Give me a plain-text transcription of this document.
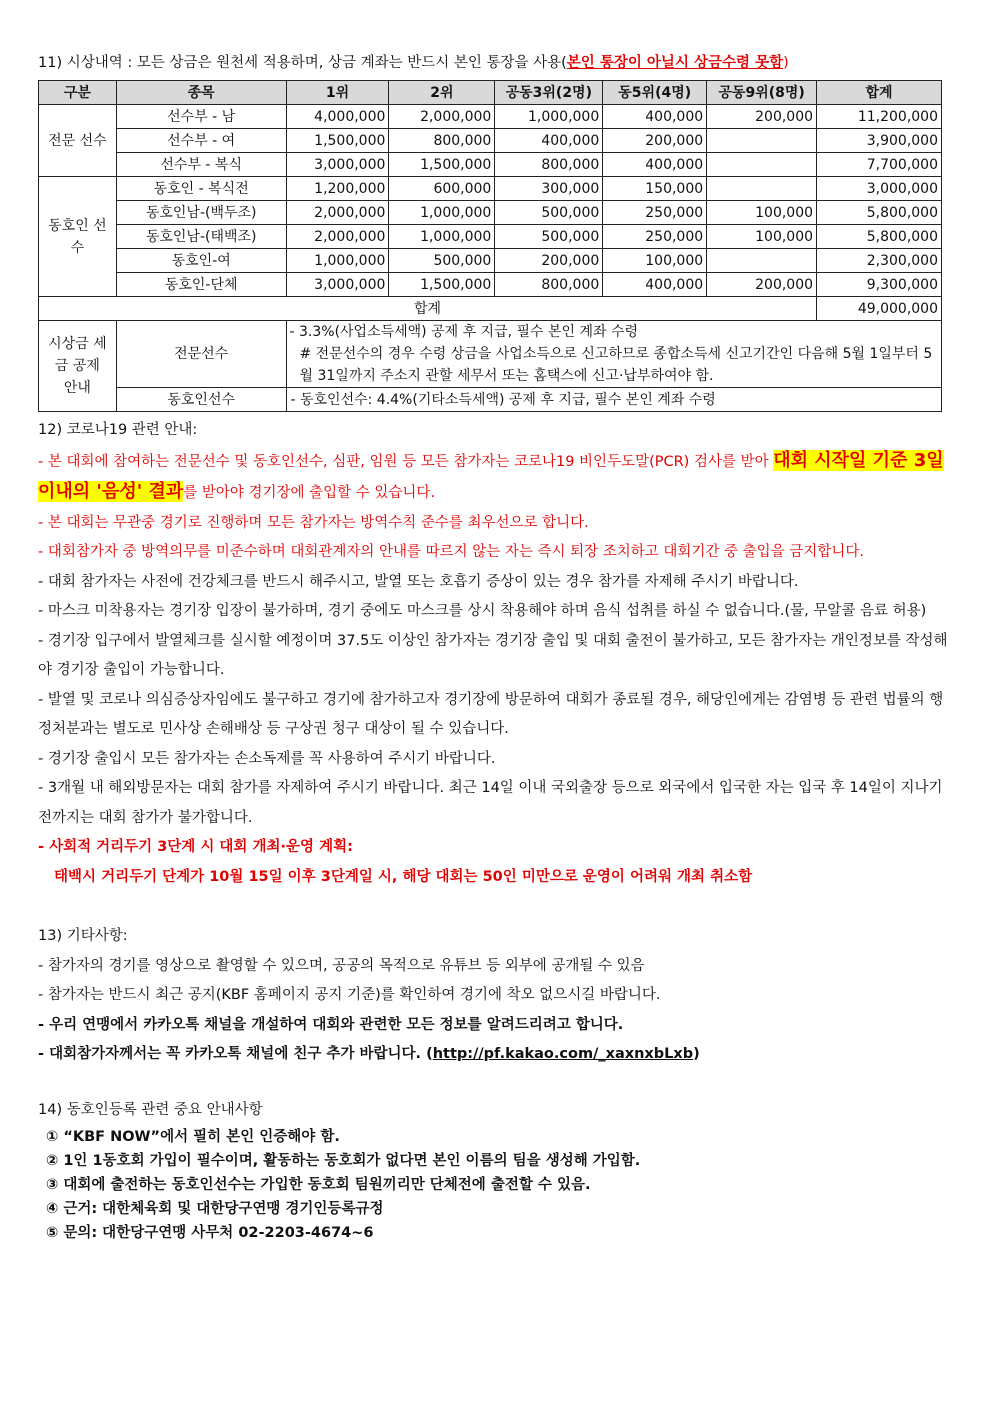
11) 시상내역 : 모든 상금은 원천세 적용하며, 상금 계좌는 반드시 본인 통장을 사용(본인 통장이 아닐시 상금수령 못함)
구분	종목	1위	2위	공동3위(2명)	동5위(4명)	공동9위(8명)	합계
전문 선수	선수부 - 남	4,000,000	2,000,000	1,000,000	400,000	200,000	11,200,000
	선수부 - 여	1,500,000	800,000	400,000	200,000		3,900,000
	선수부 - 복식	3,000,000	1,500,000	800,000	400,000		7,700,000
동호인 선수	동호인 - 복식전	1,200,000	600,000	300,000	150,000		3,000,000
	동호인남-(백두조)	2,000,000	1,000,000	500,000	250,000	100,000	5,800,000
	동호인남-(태백조)	2,000,000	1,000,000	500,000	250,000	100,000	5,800,000
	동호인-여	1,000,000	500,000	200,000	100,000		2,300,000
	동호인-단체	3,000,000	1,500,000	800,000	400,000	200,000	9,300,000
합계							49,000,000
시상금 세금 공제 안내	전문선수	- 3.3%(사업소득세액) 공제 후 지급, 필수 본인 계좌 수령
# 전문선수의 경우 수령 상금을 사업소득으로 신고하므로 종합소득세 신고기간인 다음해 5월 1일부터 5월 31일까지 주소지 관할 세무서 또는 홈택스에 신고·납부하여야 함.					

	동호인선수	- 동호인선수: 4.4%(기타소득세액) 공제 후 지급, 필수 본인 계좌 수령					
12) 코로나19 관련 안내:
- 본 대회에 참여하는 전문선수 및 동호인선수, 심판, 임원 등 모든 참가자는 코로나19 비인두도말(PCR) 검사를 받아 대회 시작일 기준 3일 이내의 '음성' 결과를 받아야 경기장에 출입할 수 있습니다.
- 본 대회는 무관중 경기로 진행하며 모든 참가자는 방역수칙 준수를 최우선으로 합니다.
- 대회참가자 중 방역의무를 미준수하며 대회관계자의 안내를 따르지 않는 자는 즉시 퇴장 조치하고 대회기간 중 출입을 금지합니다.
- 대회 참가자는 사전에 건강체크를 반드시 해주시고, 발열 또는 호흡기 증상이 있는 경우 참가를 자제해 주시기 바랍니다.
- 마스크 미착용자는 경기장 입장이 불가하며, 경기 중에도 마스크를 상시 착용해야 하며 음식 섭취를 하실 수 없습니다.(물, 무알콜 음료 허용)
- 경기장 입구에서 발열체크를 실시할 예정이며 37.5도 이상인 참가자는 경기장 출입 및 대회 출전이 불가하고, 모든 참가자는 개인정보를 작성해야 경기장 출입이 가능합니다.
- 발열 및 코로나 의심증상자임에도 불구하고 경기에 참가하고자 경기장에 방문하여 대회가 종료될 경우, 해당인에게는 감염병 등 관련 법률의 행정처분과는 별도로 민사상 손해배상 등 구상권 청구 대상이 될 수 있습니다.
- 경기장 출입시 모든 참가자는 손소독제를 꼭 사용하여 주시기 바랍니다.
- 3개월 내 해외방문자는 대회 참가를 자제하여 주시기 바랍니다. 최근 14일 이내 국외출장 등으로 외국에서 입국한 자는 입국 후 14일이 지나기 전까지는 대회 참가가 불가합니다.
- 사회적 거리두기 3단계 시 대회 개최·운영 계획:
태백시 거리두기 단계가 10월 15일 이후 3단계일 시, 해당 대회는 50인 미만으로 운영이 어려워 개최 취소함
13) 기타사항:
- 참가자의 경기를 영상으로 촬영할 수 있으며, 공공의 목적으로 유튜브 등 외부에 공개될 수 있음
- 참가자는 반드시 최근 공지(KBF 홈페이지 공지 기준)를 확인하여 경기에 착오 없으시길 바랍니다.
- 우리 연맹에서 카카오톡 채널을 개설하여 대회와 관련한 모든 정보를 알려드리려고 합니다.
- 대회참가자께서는 꼭 카카오톡 채널에 친구 추가 바랍니다. (http://pf.kakao.com/_xaxnxbLxb)
14) 동호인등록 관련 중요 안내사항
① “KBF NOW”에서 필히 본인 인증해야 함.
② 1인 1동호회 가입이 필수이며, 활동하는 동호회가 없다면 본인 이름의 팀을 생성해 가입함.
③ 대회에 출전하는 동호인선수는 가입한 동호회 팀원끼리만 단체전에 출전할 수 있음.
④ 근거: 대한체육회 및 대한당구연맹 경기인등록규정
⑤ 문의: 대한당구연맹 사무처 02-2203-4674~6
